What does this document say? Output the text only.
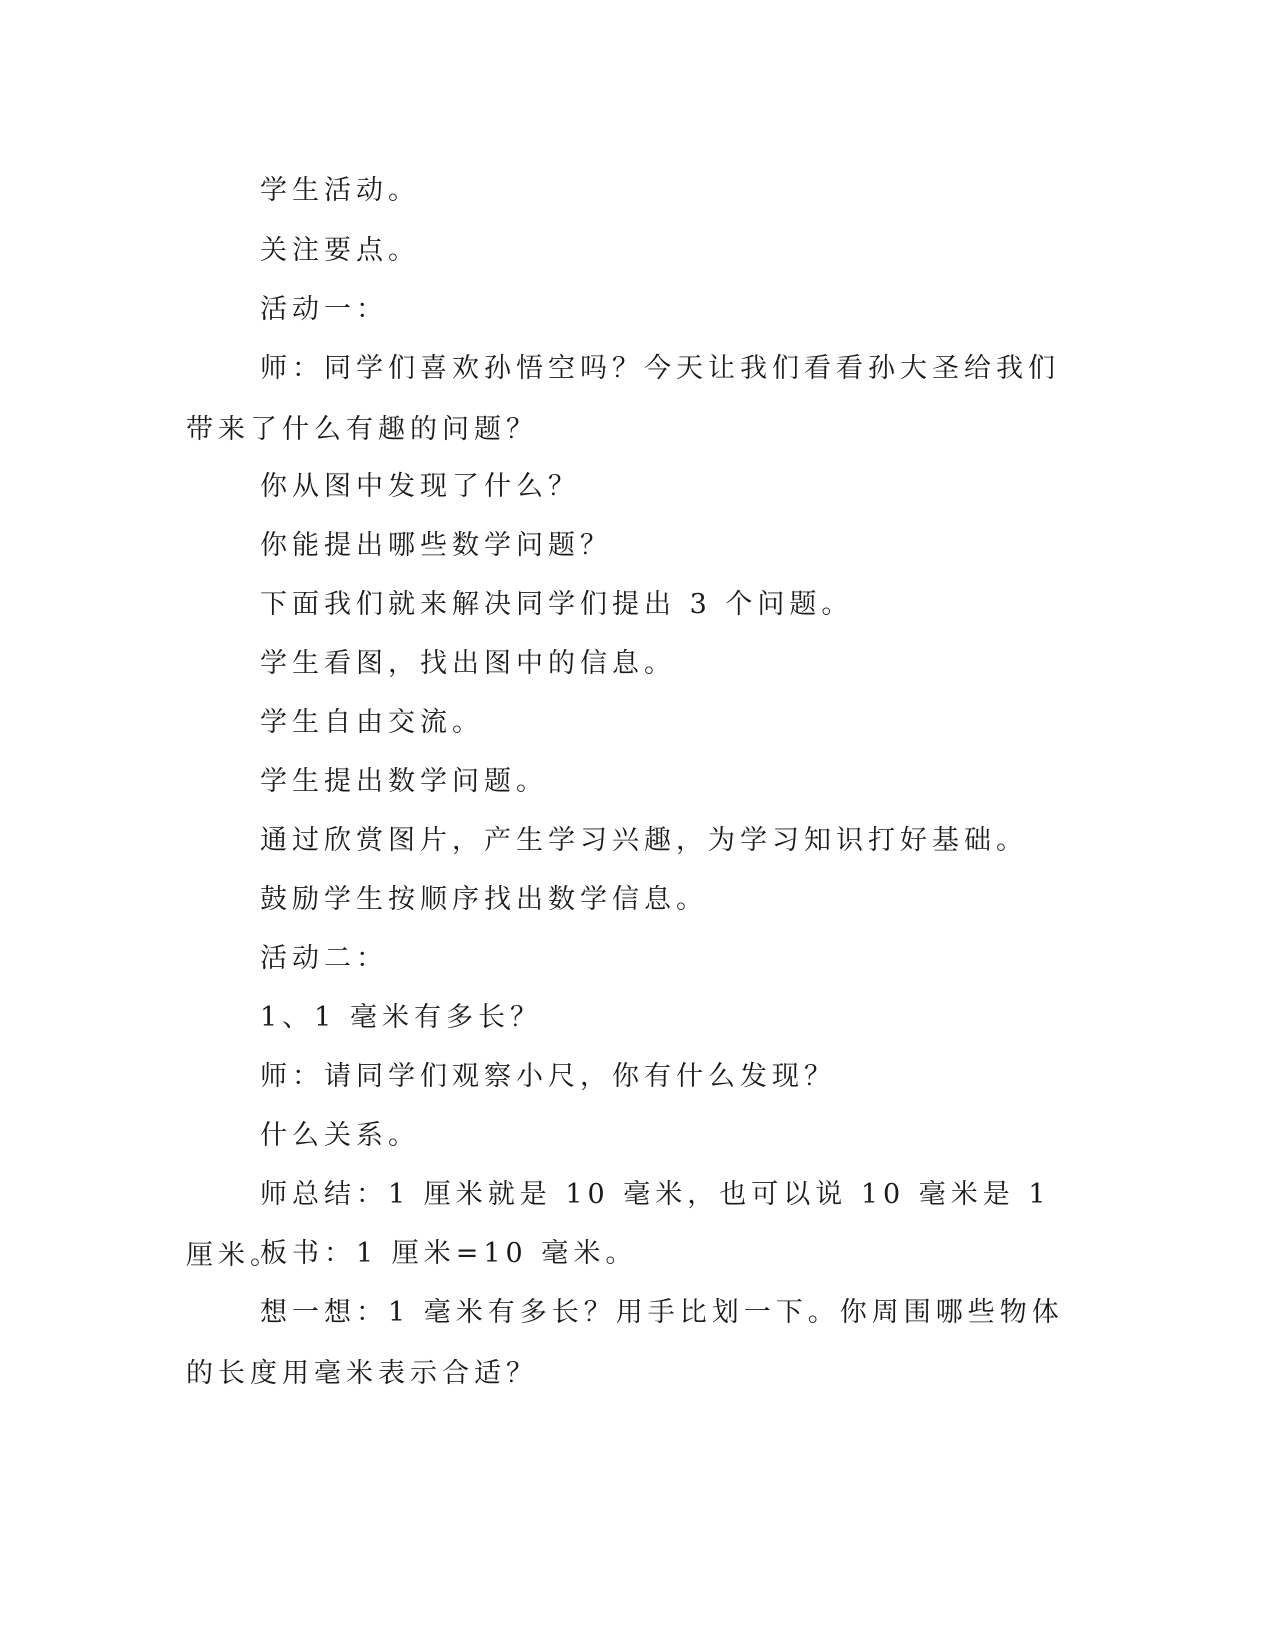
学生活动。

关注要点。

活动一：

师：同学们喜欢孙悟空吗？今天让我们看看孙大圣给我们带来了什么有趣的问题？

你从图中发现了什么？

你能提出哪些数学问题？

下面我们就来解决同学们提出 3 个问题。

学生看图，找出图中的信息。

学生自由交流。

学生提出数学问题。

通过欣赏图片，产生学习兴趣，为学习知识打好基础。

鼓励学生按顺序找出数学信息。

活动二：

1、1 毫米有多长？

师：请同学们观察小尺，你有什么发现？

什么关系。

师总结：1 厘米就是 10 毫米，也可以说 10 毫米是 1 厘米。

板书：1 厘米=10 毫米。

想一想：1 毫米有多长？用手比划一下。你周围哪些物体的长度用毫米表示合适？
